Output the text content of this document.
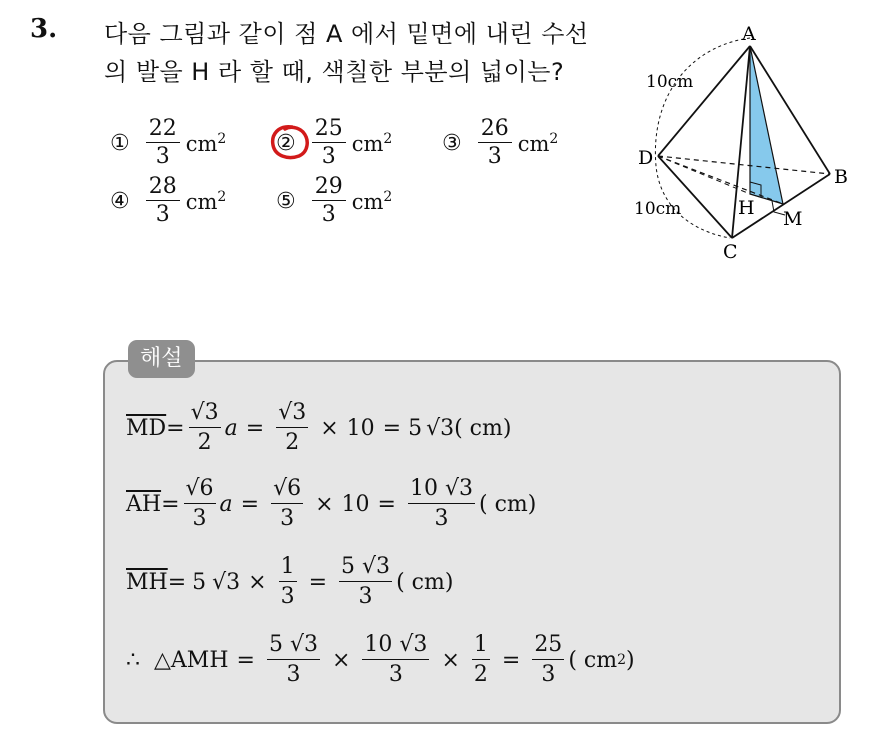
3. 다음 그림과 같이 점 A 에서 밑면에 내린 수선
의 발을 H 라 할 때, 색칠한 부분의 넓이는?
① $\frac{22}{3} cm^2$ ② $\frac{25}{3} cm^2$ ③ $\frac{26}{3} cm^2$
④ $\frac{28}{3} cm^2$ ⑤ $\frac{29}{3} cm^2$
A
B
C
D
H M
10cm
10cm
해설
$\overline{MD} = \frac{√3}{2}$ $a = \frac{√3}{2} \times 10 = 5$ √3 ( cm)
$\overline{AH} = \frac{√6}{3}$ $a = \frac{√6}{3} \times 10 = \frac{10 √3}{3}$ ( cm)
$\overline{MH} = 5$ $√3 \times \frac{1}{3} = \frac{5 √3}{3}$ ( cm)
∴ △AMH = $\frac{5 √3}{3} \times \frac{10 √3}{3} \times \frac{1}{2} = \frac{25}{3}$ ( cm 2 )
